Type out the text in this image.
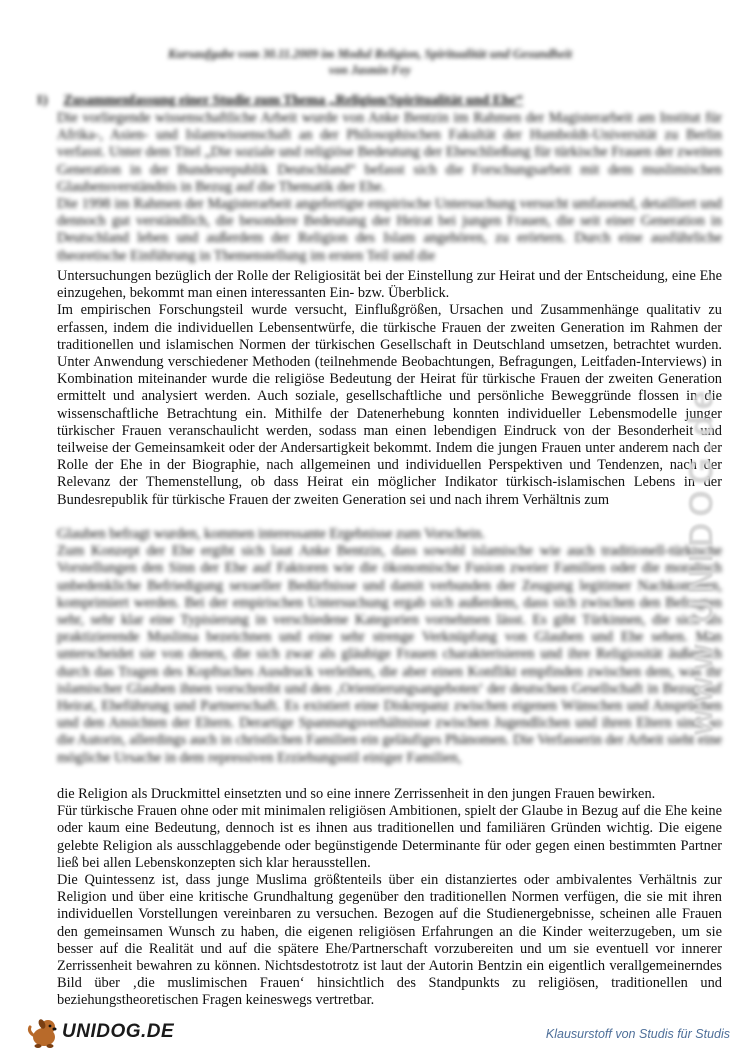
Kursaufgabe vom 30.11.2009 im Modul Religion, Spiritualität und Gesundheit
von Jasmin Fey
1) Zusammenfassung einer Studie zum Thema „Religion/Spiritualität und Ehe“

Die vorliegende wissenschaftliche Arbeit wurde von Anke Bentzin im Rahmen der Magisterarbeit am Institut für Afrika-, Asien- und Islamwissenschaft an der Philosophischen Fakultät der Humboldt-Universität zu Berlin verfasst. Unter dem Titel „Die soziale und religiöse Bedeutung der Eheschließung für türkische Frauen der zweiten Generation in der Bundesrepublik Deutschland“ befasst sich die Forschungsarbeit mit dem muslimischen Glaubensverständnis in Bezug auf die Thematik der Ehe.

Die 1998 im Rahmen der Magisterarbeit angefertigte empirische Untersuchung versucht umfassend, detailliert und dennoch gut verständlich, die besondere Bedeutung der Heirat bei jungen Frauen, die seit einer Generation in Deutschland leben und außerdem der Religion des Islam angehören, zu erörtern. Durch eine ausführliche theoretische Einführung in Themenstellung im ersten Teil und die

Untersuchungen bezüglich der Rolle der Religiosität bei der Einstellung zur Heirat und der Entscheidung, eine Ehe einzugehen, bekommt man einen interessanten Ein- bzw. Überblick.

Im empirischen Forschungsteil wurde versucht, Einflußgrößen, Ursachen und Zusammenhänge qualitativ zu erfassen, indem die individuellen Lebensentwürfe, die türkische Frauen der zweiten Generation im Rahmen der traditionellen und islamischen Normen der türkischen Gesellschaft in Deutschland umsetzen, betrachtet wurden. Unter Anwendung verschiedener Methoden (teilnehmende Beobachtungen, Befragungen, Leitfaden-Interviews) in Kombination miteinander wurde die religiöse Bedeutung der Heirat für türkische Frauen der zweiten Generation ermittelt und analysiert werden. Auch soziale, gesellschaftliche und persönliche Beweggründe flossen in die wissenschaftliche Betrachtung ein. Mithilfe der Datenerhebung konnten individueller Lebensmodelle junger türkischer Frauen veranschaulicht werden, sodass man einen lebendigen Eindruck von der Besonderheit und teilweise der Gemeinsamkeit oder der Andersartigkeit bekommt. Indem die jungen Frauen unter anderem nach der Rolle der Ehe in der Biographie, nach allgemeinen und individuellen Perspektiven und Tendenzen, nach der Relevanz der Themenstellung, ob dass Heirat ein möglicher Indikator türkisch-islamischen Lebens in der Bundesrepublik für türkische Frauen der zweiten Generation sei und nach ihrem Verhältnis zum

Glauben befragt wurden, kommen interessante Ergebnisse zum Vorschein.

Zum Konzept der Ehe ergibt sich laut Anke Bentzin, dass sowohl islamische wie auch traditionell-türkische Vorstellungen den Sinn der Ehe auf Faktoren wie die ökonomische Fusion zweier Familien oder die moralisch unbedenkliche Befriedigung sexueller Bedürfnisse und damit verbunden der Zeugung legitimer Nachkommen, komprimiert werden. Bei der empirischen Untersuchung ergab sich außerdem, dass sich zwischen den Befragten sehr, sehr klar eine Typisierung in verschiedene Kategorien vornehmen lässt. Es gibt Türkinnen, die sich als praktizierende Muslima bezeichnen und eine sehr strenge Verknüpfung von Glauben und Ehe sehen. Man unterscheidet sie von denen, die sich zwar als gläubige Frauen charakterisieren und ihre Religiosität äußerlich durch das Tragen des Kopftuches Ausdruck verleihen, die aber einen Konflikt empfinden zwischen dem, was ihr islamischer Glauben ihnen vorschreibt und den ‚Orientierungsangeboten‘ der deutschen Gesellschaft in Bezug auf Heirat, Eheführung und Partnerschaft. Es existiert eine Diskrepanz zwischen eigenen Wünschen und Ansprüchen und den Ansichten der Eltern. Derartige Spannungsverhältnisse zwischen Jugendlichen und ihren Eltern sind, so die Autorin, allerdings auch in christlichen Familien ein geläufiges Phänomen. Die Verfasserin der Arbeit sieht eine mögliche Ursache in dem repressiven Erziehungsstil einiger Familien,

die Religion als Druckmittel einsetzten und so eine innere Zerrissenheit in den jungen Frauen bewirken.

Für türkische Frauen ohne oder mit minimalen religiösen Ambitionen, spielt der Glaube in Bezug auf die Ehe keine oder kaum eine Bedeutung, dennoch ist es ihnen aus traditionellen und familiären Gründen wichtig. Die eigene gelebte Religion als ausschlaggebende oder begünstigende Determinante für oder gegen einen bestimmten Partner ließ bei allen Lebenskonzepten sich klar herausstellen.

Die Quintessenz ist, dass junge Muslima größtenteils über ein distanziertes oder ambivalentes Verhältnis zur Religion und über eine kritische Grundhaltung gegenüber den traditionellen Normen verfügen, die sie mit ihren individuellen Vorstellungen vereinbaren zu versuchen. Bezogen auf die Studienergebnisse, scheinen alle Frauen den gemeinsamen Wunsch zu haben, die eigenen religiösen Erfahrungen an die Kinder weiterzugeben, um sie besser auf die Realität und auf die spätere Ehe/Partnerschaft vorzubereiten und um sie eventuell vor innerer Zerrissenheit bewahren zu können. Nichtsdestotrotz ist laut der Autorin Bentzin ein eigentlich verallgemeinerndes Bild über ‚die muslimischen Frauen‘ hinsichtlich des Standpunkts zu religiösen, traditionellen und beziehungstheoretischen Fragen keineswegs vertretbar.

www.UNIDOG.de
UNIDOG.DE	Klausurstoff von Studis für Studis
